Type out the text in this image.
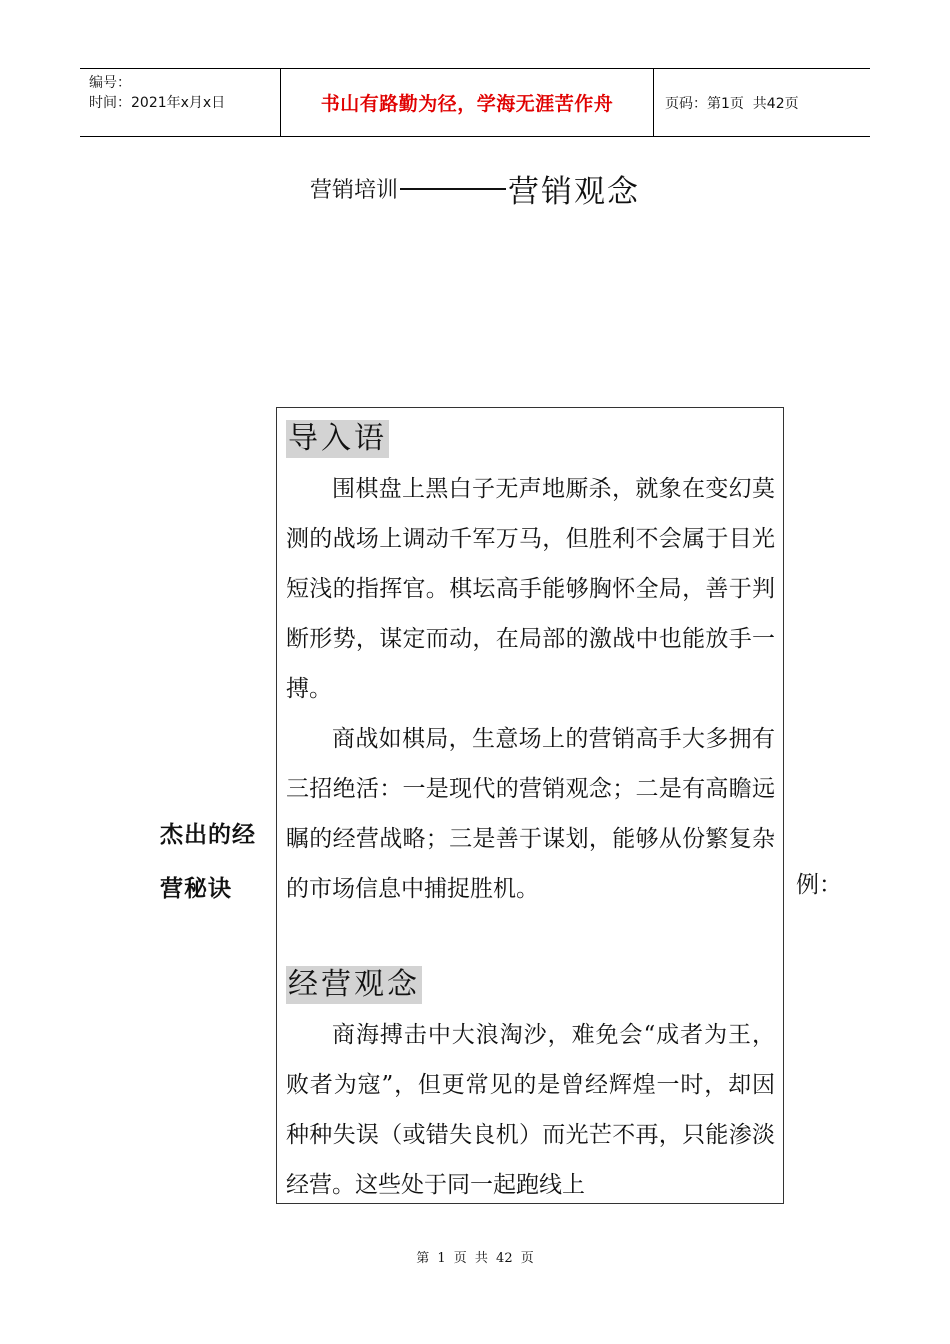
编号：
时间：2021年x月x日	书山有路勤为径，学海无涯苦作舟	页码：第1页  共42页
营销培训	营销观念
杰出的经
营秘诀
导入语

围棋盘上黑白子无声地厮杀，就象在变幻莫测的战场上调动千军万马，但胜利不会属于目光短浅的指挥官。棋坛高手能够胸怀全局，善于判断形势，谋定而动，在局部的激战中也能放手一搏。

商战如棋局，生意场上的营销高手大多拥有三招绝活：一是现代的营销观念；二是有高瞻远瞩的经营战略；三是善于谋划，能够从份繁复杂的市场信息中捕捉胜机。

经营观念

商海搏击中大浪淘沙，难免会“成者为王，败者为寇”，但更常见的是曾经辉煌一时，却因种种失误（或错失良机）而光芒不再，只能渗淡经营。这些处于同一起跑线上

例：
第 1 页 共 42 页
